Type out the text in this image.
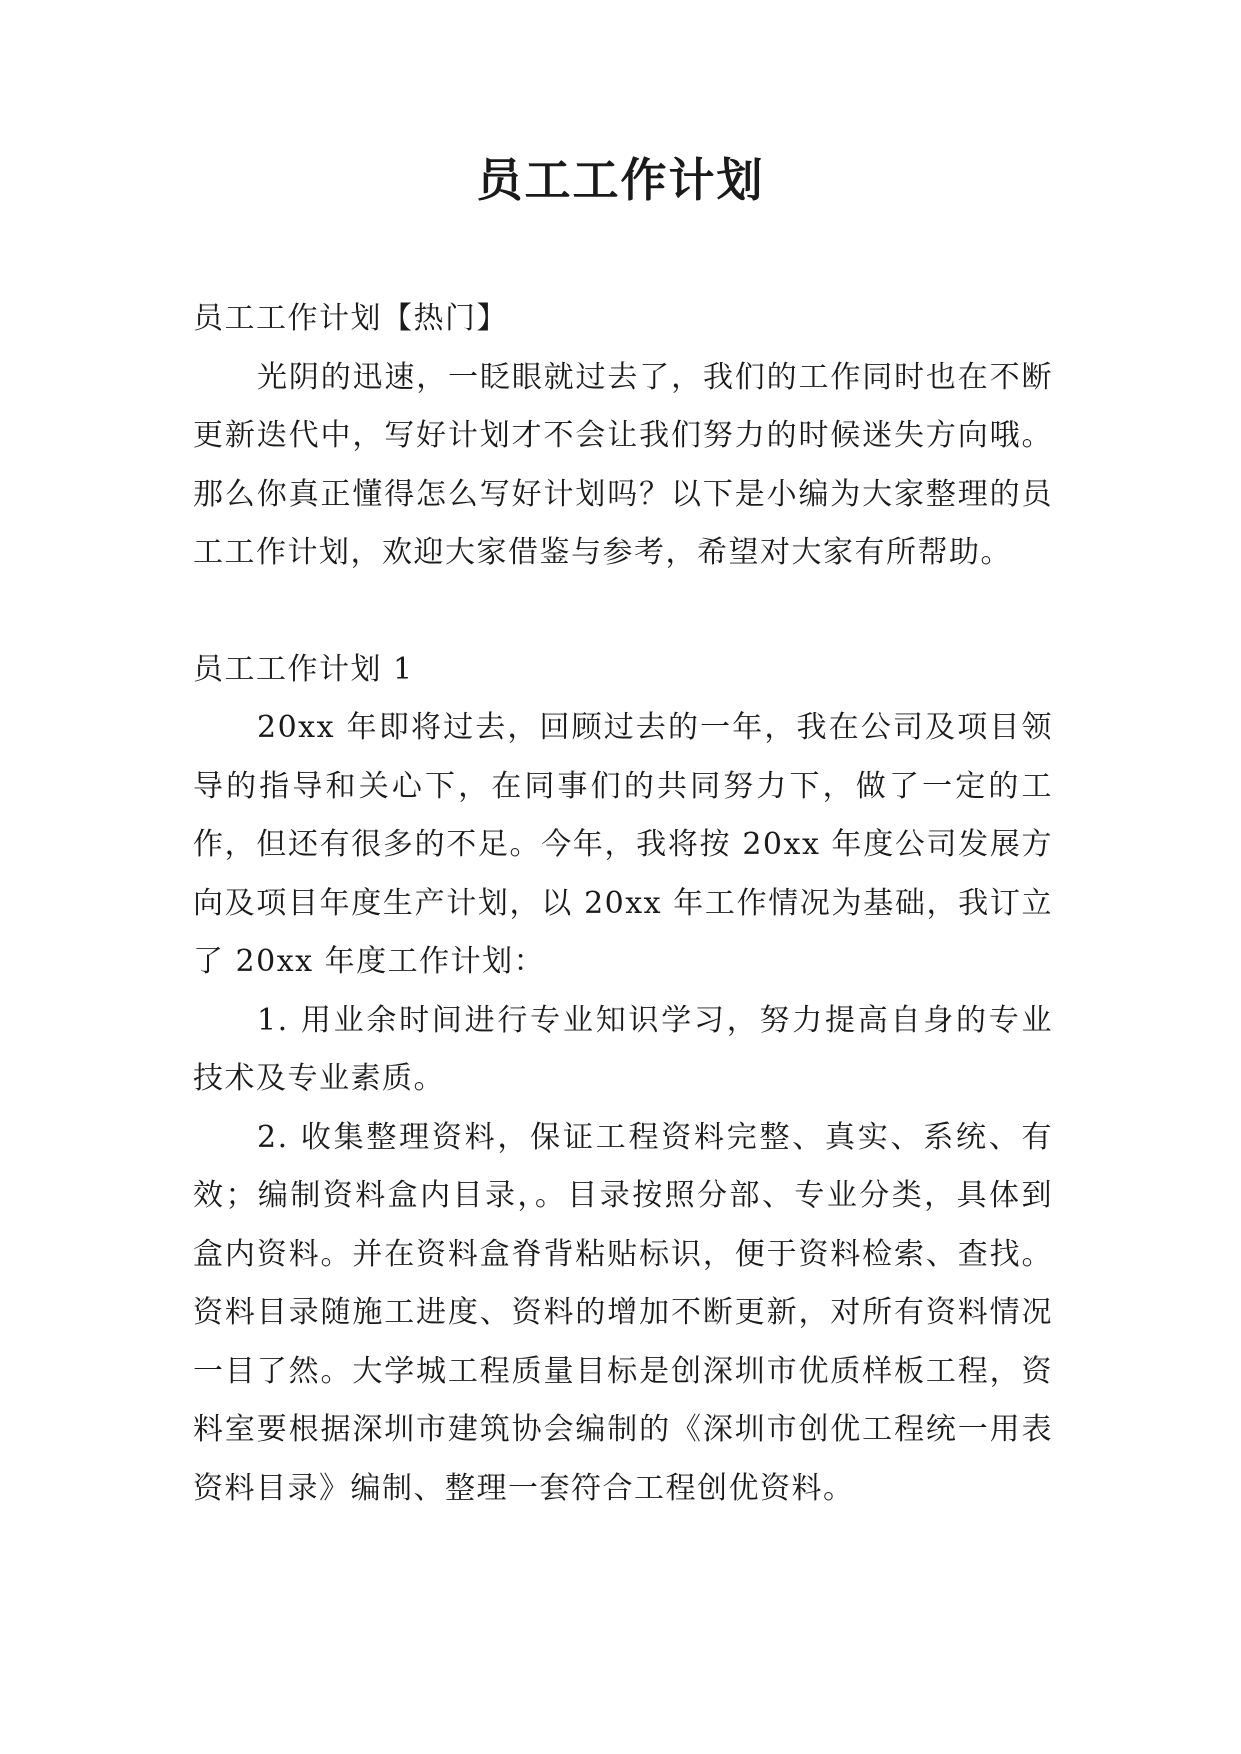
员工工作计划

员工工作计划【热门】

光阴的迅速，一眨眼就过去了，我们的工作同时也在不断更新迭代中，写好计划才不会让我们努力的时候迷失方向哦。那么你真正懂得怎么写好计划吗？以下是小编为大家整理的员工工作计划，欢迎大家借鉴与参考，希望对大家有所帮助。

员工工作计划 1

20xx 年即将过去，回顾过去的一年，我在公司及项目领导的指导和关心下，在同事们的共同努力下，做了一定的工作，但还有很多的不足。今年，我将按 20xx 年度公司发展方向及项目年度生产计划，以 20xx 年工作情况为基础，我订立了 20xx 年度工作计划：

1. 用业余时间进行专业知识学习，努力提高自身的专业技术及专业素质。

2. 收集整理资料，保证工程资料完整、真实、系统、有效；编制资料盒内目录，。目录按照分部、专业分类，具体到盒内资料。并在资料盒脊背粘贴标识，便于资料检索、查找。资料目录随施工进度、资料的增加不断更新，对所有资料情况一目了然。大学城工程质量目标是创深圳市优质样板工程，资料室要根据深圳市建筑协会编制的《深圳市创优工程统一用表资料目录》编制、整理一套符合工程创优资料。
